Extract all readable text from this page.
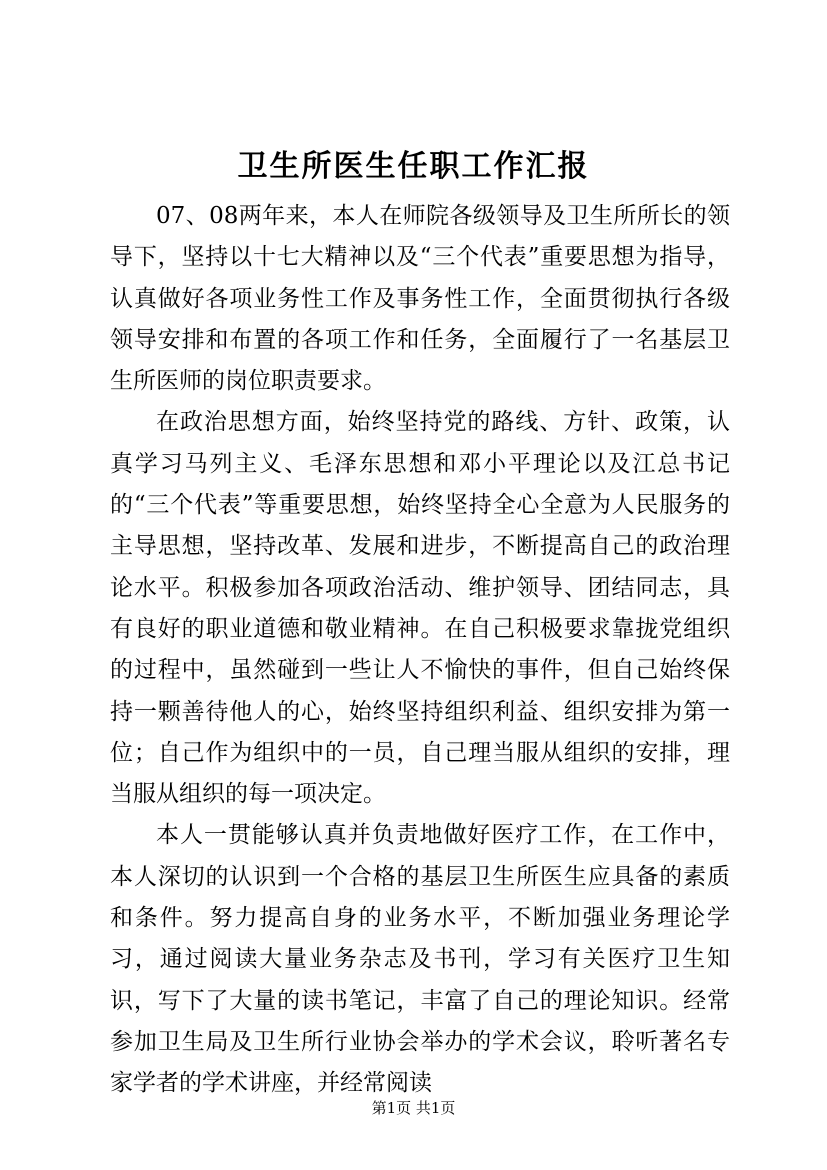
卫生所医生任职工作汇报

07、08两年来，本人在师院各级领导及卫生所所长的领导下，坚持以十七大精神以及“三个代表”重要思想为指导，认真做好各项业务性工作及事务性工作，全面贯彻执行各级领导安排和布置的各项工作和任务，全面履行了一名基层卫生所医师的岗位职责要求。

在政治思想方面，始终坚持党的路线、方针、政策，认真学习马列主义、毛泽东思想和邓小平理论以及江总书记的“三个代表”等重要思想，始终坚持全心全意为人民服务的主导思想，坚持改革、发展和进步，不断提高自己的政治理论水平。积极参加各项政治活动、维护领导、团结同志，具有良好的职业道德和敬业精神。在自己积极要求靠拢党组织的过程中，虽然碰到一些让人不愉快的事件，但自己始终保持一颗善待他人的心，始终坚持组织利益、组织安排为第一位；自己作为组织中的一员，自己理当服从组织的安排，理当服从组织的每一项决定。

本人一贯能够认真并负责地做好医疗工作，在工作中，本人深切的认识到一个合格的基层卫生所医生应具备的素质和条件。努力提高自身的业务水平，不断加强业务理论学习，通过阅读大量业务杂志及书刊，学习有关医疗卫生知识，写下了大量的读书笔记，丰富了自己的理论知识。经常参加卫生局及卫生所行业协会举办的学术会议，聆听著名专家学者的学术讲座，并经常阅读

第1页 共1页
